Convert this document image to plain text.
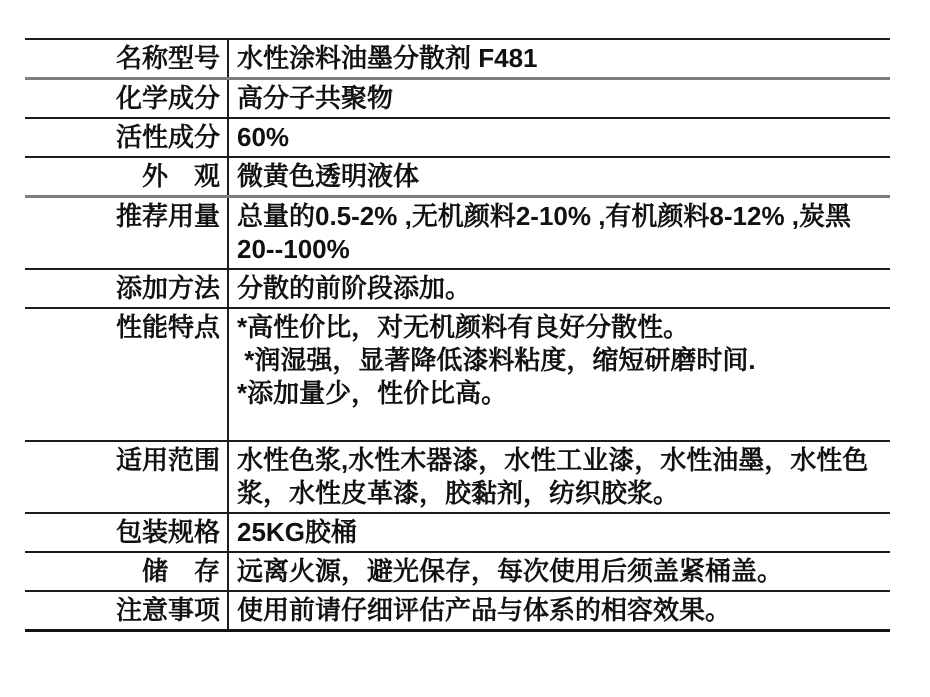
名称型号 水性涂料油墨分散剂 F481
化学成分 高分子共聚物
活性成分 60%
外　观 微黄色透明液体
推荐用量 总量的0.5-2% ,无机颜料2-10% ,有机颜料8-12% ,炭黑
20--100%
添加方法 分散的前阶段添加。
性能特点 *高性价比，对无机颜料有良好分散性。
*润湿强，显著降低漆料粘度，缩短研磨时间.
*添加量少，性价比高。
适用范围 水性色浆,水性木器漆，水性工业漆，水性油墨，水性色
浆，水性皮革漆，胶黏剂，纺织胶浆。
包装规格 25KG胶桶
储　存 远离火源，避光保存，每次使用后须盖紧桶盖。
注意事项 使用前请仔细评估产品与体系的相容效果。
